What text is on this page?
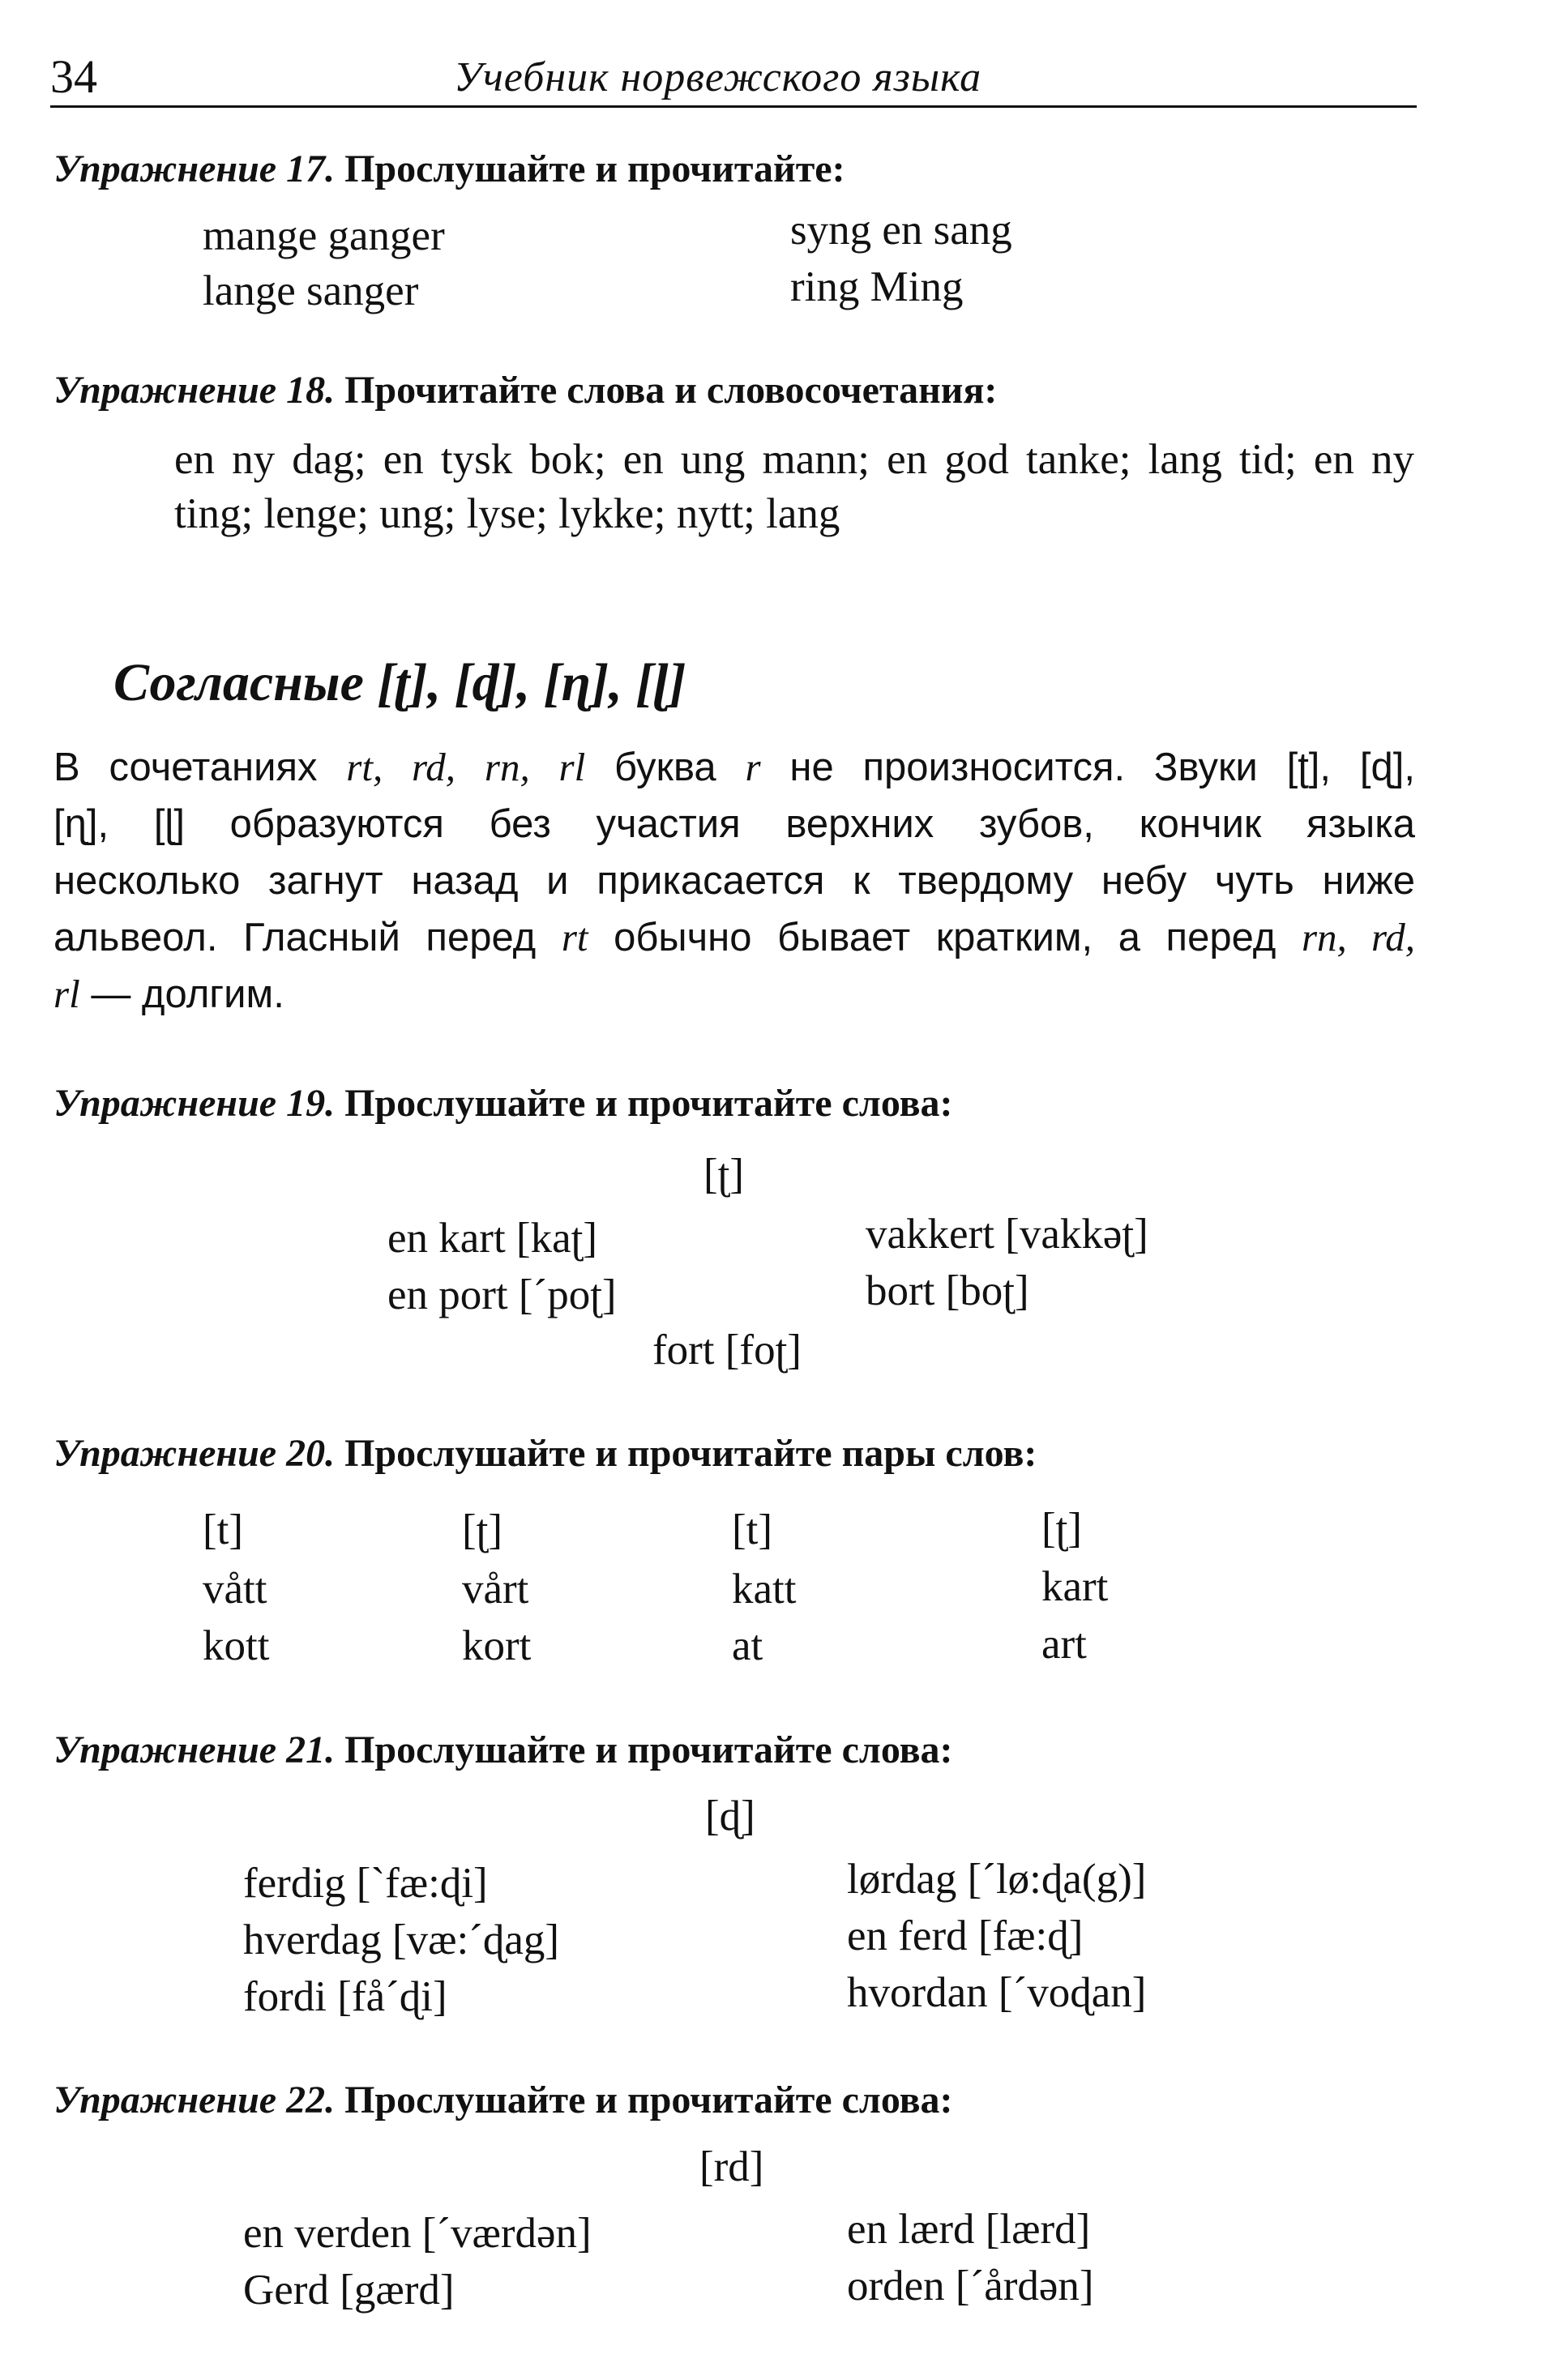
34	Учебник норвежского языка
Упражнение 17. Прослушайте и прочитайте:
mange ganger
lange sanger
syng en sang
ring Ming
Упражнение 18. Прочитайте слова и словосочетания:
en ny dag; en tysk bok; en ung mann; en god tanke; lang tid; en ny
ting; lenge; ung; lyse; lykke; nytt; lang
Согласные [ʈ], [ɖ], [ɳ], [ɭ]
В сочетаниях rt, rd, rn, rl буква r не произносится. Звуки [ʈ], [ɖ],
[ɳ], [ɭ] образуются без участия верхних зубов, кончик языка
несколько загнут назад и прикасается к твердому небу чуть ниже
альвеол. Гласный перед rt обычно бывает кратким, а перед rn, rd,
rl — долгим.
Упражнение 19. Прослушайте и прочитайте слова:
[ʈ]
en kart [kaʈ]
en port [ˊpoʈ]
vakkert [vakkəʈ]
bort [boʈ]
fort [foʈ]
Упражнение 20. Прослушайте и прочитайте пары слов:
[t]
vått
kott
[ʈ]
vårt
kort
[t]
katt
at
[ʈ]
kart
art
Упражнение 21. Прослушайте и прочитайте слова:
[ɖ]
ferdig [ˋfæ:ɖi]
hverdag [væ:ˊɖag]
fordi [fåˊɖi]
lørdag [ˊlø:ɖa(g)]
en ferd [fæ:ɖ]
hvordan [ˊvoɖan]
Упражнение 22. Прослушайте и прочитайте слова:
[rd]
en verden [ˊværdən]
Gerd [gærd]
en lærd [lærd]
orden [ˊårdən]
